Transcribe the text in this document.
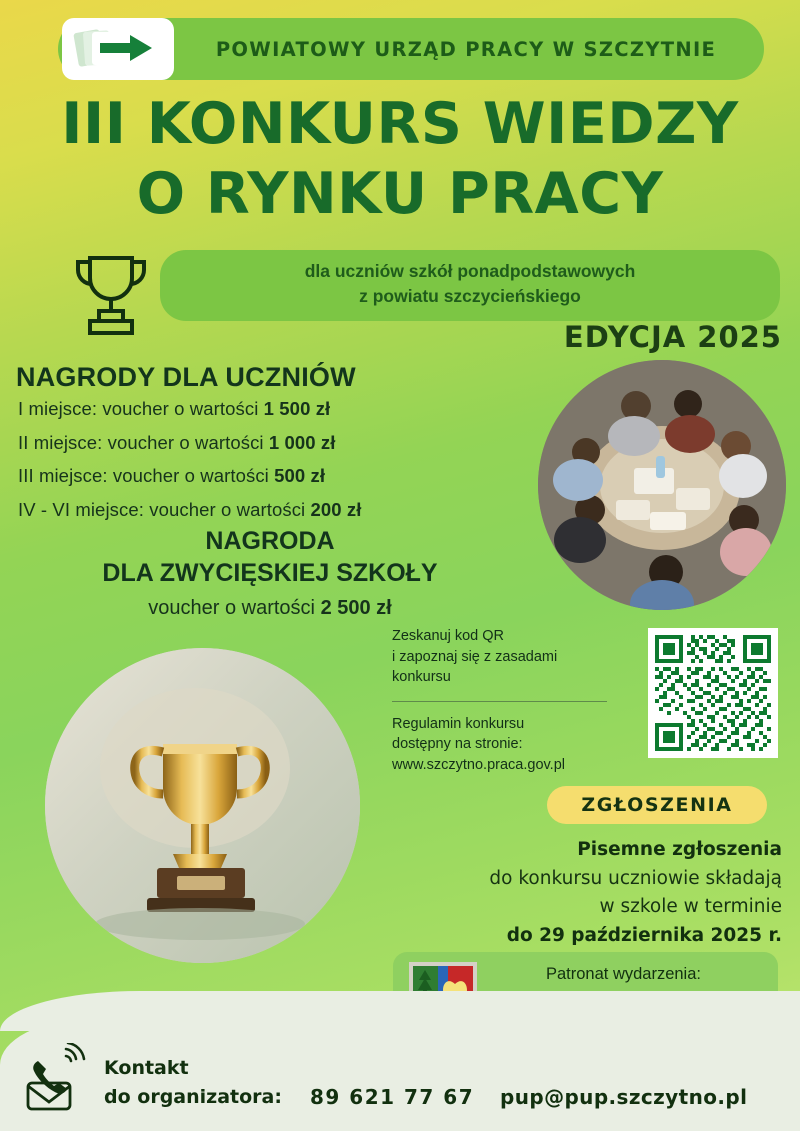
POWIATOWY URZĄD PRACY W SZCZYTNIE
III KONKURS WIEDZY
O RYNKU PRACY
dla uczniów szkół ponadpodstawowych
z powiatu szczycieńskiego
EDYCJA 2025
NAGRODY DLA UCZNIÓW
I miejsce: voucher o wartości 1 500 zł
II miejsce: voucher o wartości 1 000 zł
III miejsce: voucher o wartości 500 zł
IV - VI miejsce: voucher o wartości 200 zł
NAGRODA
DLA ZWYCIĘSKIEJ SZKOŁY
voucher o wartości 2 500 zł
Zeskanuj kod QR
i zapoznaj się z zasadami
konkursu
Regulamin konkursu
dostępny na stronie:
www.szczytno.praca.gov.pl
ZGŁOSZENIA
Pisemne zgłoszenia
do konkursu uczniowie składają
w szkole w terminie
do 29 października 2025 r.
Patronat wydarzenia:
Kontakt
do organizatora: 89 621 77 67 pup@pup.szczytno.pl
